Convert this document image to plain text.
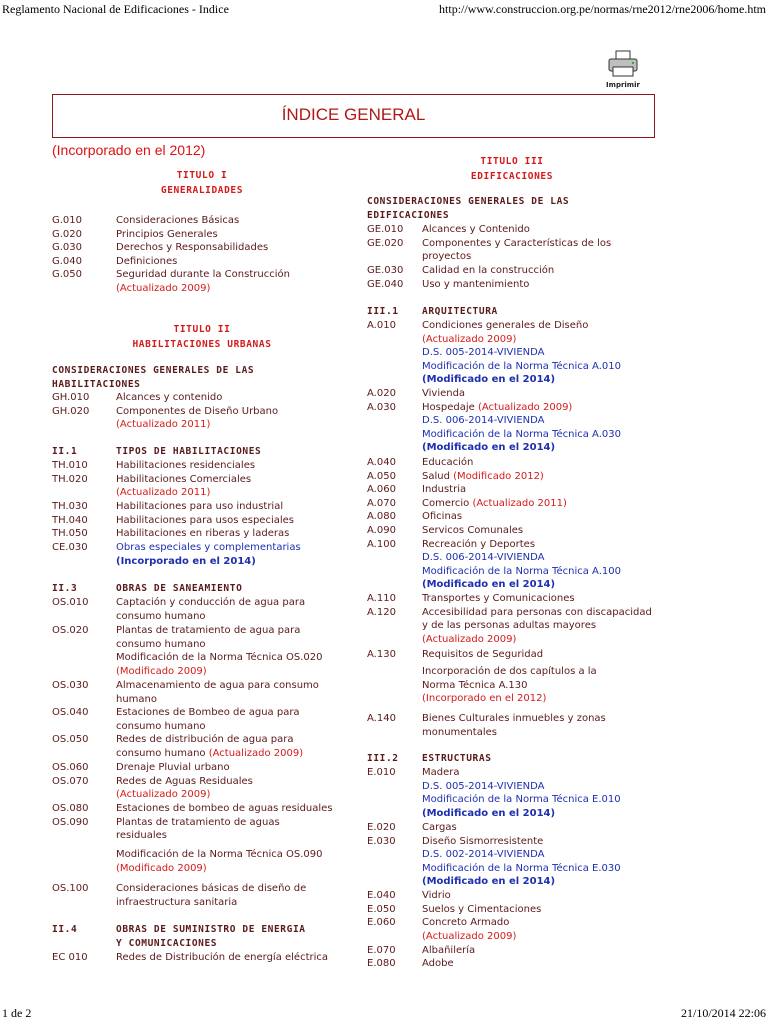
Reglamento Nacional de Edificaciones - Indice	http://www.construccion.org.pe/normas/rne2012/rne2006/home.htm
Imprimir
ÍNDICE GENERAL
(Incorporado en el 2012)
TITULO I
GENERALIDADES
G.010	Consideraciones Básicas
G.020	Principios Generales
G.030	Derechos y Responsabilidades
G.040	Definiciones
G.050	Seguridad durante la Construcción
(Actualizado 2009)
TITULO II
HABILITACIONES URBANAS
CONSIDERACIONES GENERALES DE LAS
HABILITACIONES
GH.010	Alcances y contenido
GH.020	Componentes de Diseño Urbano
(Actualizado 2011)
II.1	TIPOS DE HABILITACIONES
TH.010	Habilitaciones residenciales
TH.020	Habilitaciones Comerciales
(Actualizado 2011)
TH.030	Habilitaciones para uso industrial
TH.040	Habilitaciones para usos especiales
TH.050	Habilitaciones en riberas y laderas
CE.030	Obras especiales y complementarias
(Incorporado en el 2014)
II.3	OBRAS DE SANEAMIENTO
OS.010	Captación y conducción de agua para
consumo humano
OS.020	Plantas de tratamiento de agua para
consumo humano
Modificación de la Norma Técnica OS.020
(Modificado 2009)
OS.030	Almacenamiento de agua para consumo
humano
OS.040	Estaciones de Bombeo de agua para
consumo humano
OS.050	Redes de distribución de agua para
consumo humano (Actualizado 2009)
OS.060	Drenaje Pluvial urbano
OS.070	Redes de Aguas Residuales
(Actualizado 2009)
OS.080	Estaciones de bombeo de aguas residuales
OS.090	Plantas de tratamiento de aguas
residuales
Modificación de la Norma Técnica OS.090
(Modificado 2009)
OS.100	Consideraciones básicas de diseño de
infraestructura sanitaria
II.4	OBRAS DE SUMINISTRO DE ENERGIA

Y COMUNICACIONES
EC 010	Redes de Distribución de energía eléctrica
TITULO III
EDIFICACIONES
CONSIDERACIONES GENERALES DE LAS
EDIFICACIONES
GE.010 Alcances y Contenido
GE.020 Componentes y Características de los
proyectos
GE.030 Calidad en la construcción
GE.040 Uso y mantenimiento
III.1 ARQUITECTURA
A.010	Condiciones generales de Diseño
(Actualizado 2009)
D.S. 005-2014-VIVIENDA
Modificación de la Norma Técnica A.010
(Modificado en el 2014)
A.020	Vivienda
A.030	Hospedaje (Actualizado 2009)
D.S. 006-2014-VIVIENDA
Modificación de la Norma Técnica A.030
(Modificado en el 2014)
A.040	Educación
A.050	Salud (Modificado 2012)
A.060	Industria
A.070	Comercio (Actualizado 2011)
A.080	Oficinas
A.090	Servicos Comunales
A.100	Recreación y Deportes
D.S. 006-2014-VIVIENDA
Modificación de la Norma Técnica A.100
(Modificado en el 2014)
A.110	Transportes y Comunicaciones
A.120	Accesibilidad para personas con discapacidad
y de las personas adultas mayores
(Actualizado 2009)
A.130	Requisitos de Seguridad
Incorporación de dos capítulos a la
Norma Técnica A.130
(Incorporado en el 2012)
A.140	Bienes Culturales inmuebles y zonas
monumentales
III.2 ESTRUCTURAS
E.010	Madera
D.S. 005-2014-VIVIENDA
Modificación de la Norma Técnica E.010
(Modificado en el 2014)
E.020	Cargas
E.030	Diseño Sismorresistente
D.S. 002-2014-VIVIENDA
Modificación de la Norma Técnica E.030
(Modificado en el 2014)
E.040	Vidrio
E.050	Suelos y Cimentaciones
E.060	Concreto Armado
(Actualizado 2009)
E.070	Albañilería
E.080	Adobe
1 de 2	21/10/2014 22:06
